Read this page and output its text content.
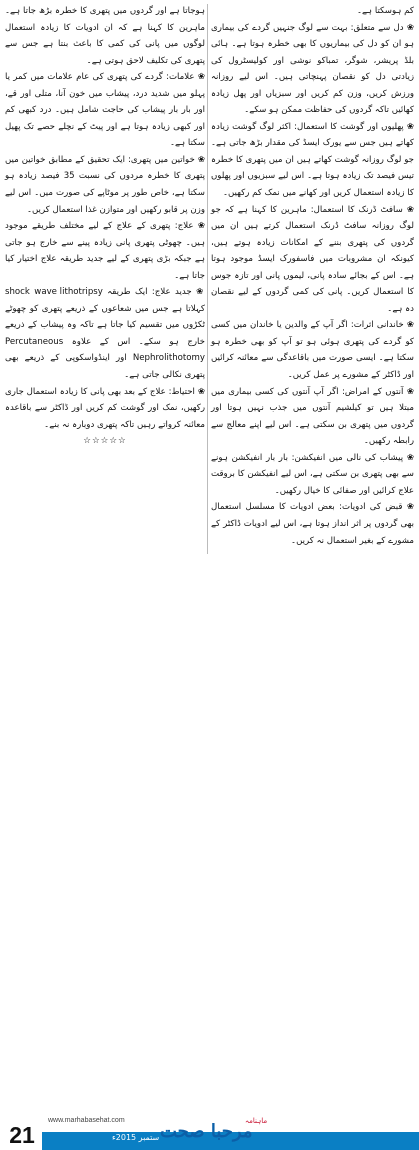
کم ہوسکتا ہے۔

❀ دل سے متعلق: بہت سے لوگ جنہیں گردے کی بیماری ہو ان کو دل کی بیماریوں کا بھی خطرہ ہوتا ہے۔ ہائی بلڈ پریشر، شوگر، تمباکو نوشی اور کولیسٹرول کی زیادتی دل کو نقصان پہنچاتی ہیں۔ اس لیے روزانہ ورزش کریں، وزن کم کریں اور سبزیاں اور پھل زیادہ کھائیں تاکہ گردوں کی حفاظت ممکن ہو سکے۔

❀ پھلیوں اور گوشت کا استعمال: اکثر لوگ گوشت زیادہ کھاتے ہیں جس سے یورک ایسڈ کی مقدار بڑھ جاتی ہے۔ جو لوگ روزانہ گوشت کھاتے ہیں ان میں پتھری کا خطرہ تیس فیصد تک زیادہ ہوتا ہے۔ اس لیے سبزیوں اور پھلوں کا زیادہ استعمال کریں اور کھانے میں نمک کم رکھیں۔

❀ سافٹ ڈرنک کا استعمال: ماہرین کا کہنا ہے کہ جو لوگ روزانہ سافٹ ڈرنک استعمال کرتے ہیں ان میں گردوں کی پتھری بننے کے امکانات زیادہ ہوتے ہیں، کیونکہ ان مشروبات میں فاسفورک ایسڈ موجود ہوتا ہے۔ اس کے بجائے سادہ پانی، لیموں پانی اور تازہ جوس کا استعمال کریں۔ پانی کی کمی گردوں کے لیے نقصان دہ ہے۔

❀ خاندانی اثرات: اگر آپ کے والدین یا خاندان میں کسی کو گردے کی پتھری ہوئی ہو تو آپ کو بھی خطرہ ہو سکتا ہے۔ ایسی صورت میں باقاعدگی سے معائنہ کرائیں اور ڈاکٹر کے مشورے پر عمل کریں۔

❀ آنتوں کے امراض: اگر آپ آنتوں کی کسی بیماری میں مبتلا ہیں تو کیلشیم آنتوں میں جذب نہیں ہوتا اور گردوں میں پتھری بن سکتی ہے۔ اس لیے اپنے معالج سے رابطہ رکھیں۔

❀ پیشاب کی نالی میں انفیکشن: بار بار انفیکشن ہونے سے بھی پتھری بن سکتی ہے، اس لیے انفیکشن کا بروقت علاج کرائیں اور صفائی کا خیال رکھیں۔

❀ قبض کی ادویات: بعض ادویات کا مسلسل استعمال بھی گردوں پر اثر انداز ہوتا ہے، اس لیے ادویات ڈاکٹر کے مشورے کے بغیر استعمال نہ کریں۔

ہوجاتا ہے اور گردوں میں پتھری کا خطرہ بڑھ جاتا ہے۔ ماہرین کا کہنا ہے کہ ان ادویات کا زیادہ استعمال لوگوں میں پانی کی کمی کا باعث بنتا ہے جس سے پتھری کی تکلیف لاحق ہوتی ہے۔

❀ علامات: گردے کی پتھری کی عام علامات میں کمر یا پہلو میں شدید درد، پیشاب میں خون آنا، متلی اور قے، اور بار بار پیشاب کی حاجت شامل ہیں۔ درد کبھی کم اور کبھی زیادہ ہوتا ہے اور پیٹ کے نچلے حصے تک پھیل سکتا ہے۔

❀ خواتین میں پتھری: ایک تحقیق کے مطابق خواتین میں پتھری کا خطرہ مردوں کی نسبت 35 فیصد زیادہ ہو سکتا ہے، خاص طور پر موٹاپے کی صورت میں۔ اس لیے وزن پر قابو رکھیں اور متوازن غذا استعمال کریں۔

❀ علاج: پتھری کے علاج کے لیے مختلف طریقے موجود ہیں۔ چھوٹی پتھری پانی زیادہ پینے سے خارج ہو جاتی ہے جبکہ بڑی پتھری کے لیے جدید طریقہ علاج اختیار کیا جاتا ہے۔

❀ جدید علاج: ایک طریقہ shock wave lithotripsy کہلاتا ہے جس میں شعاعوں کے ذریعے پتھری کو چھوٹے ٹکڑوں میں تقسیم کیا جاتا ہے تاکہ وہ پیشاب کے ذریعے خارج ہو سکے۔ اس کے علاوہ Percutaneous Nephrolithotomy اور اینڈواسکوپی کے ذریعے بھی پتھری نکالی جاتی ہے۔

❀ احتیاط: علاج کے بعد بھی پانی کا زیادہ استعمال جاری رکھیں، نمک اور گوشت کم کریں اور ڈاکٹر سے باقاعدہ معائنہ کرواتے رہیں تاکہ پتھری دوبارہ نہ بنے۔

☆☆☆☆☆

21
www.marhabasehat.com
ستمبر 2015ء مرحبا صحت
ماہنامہ
